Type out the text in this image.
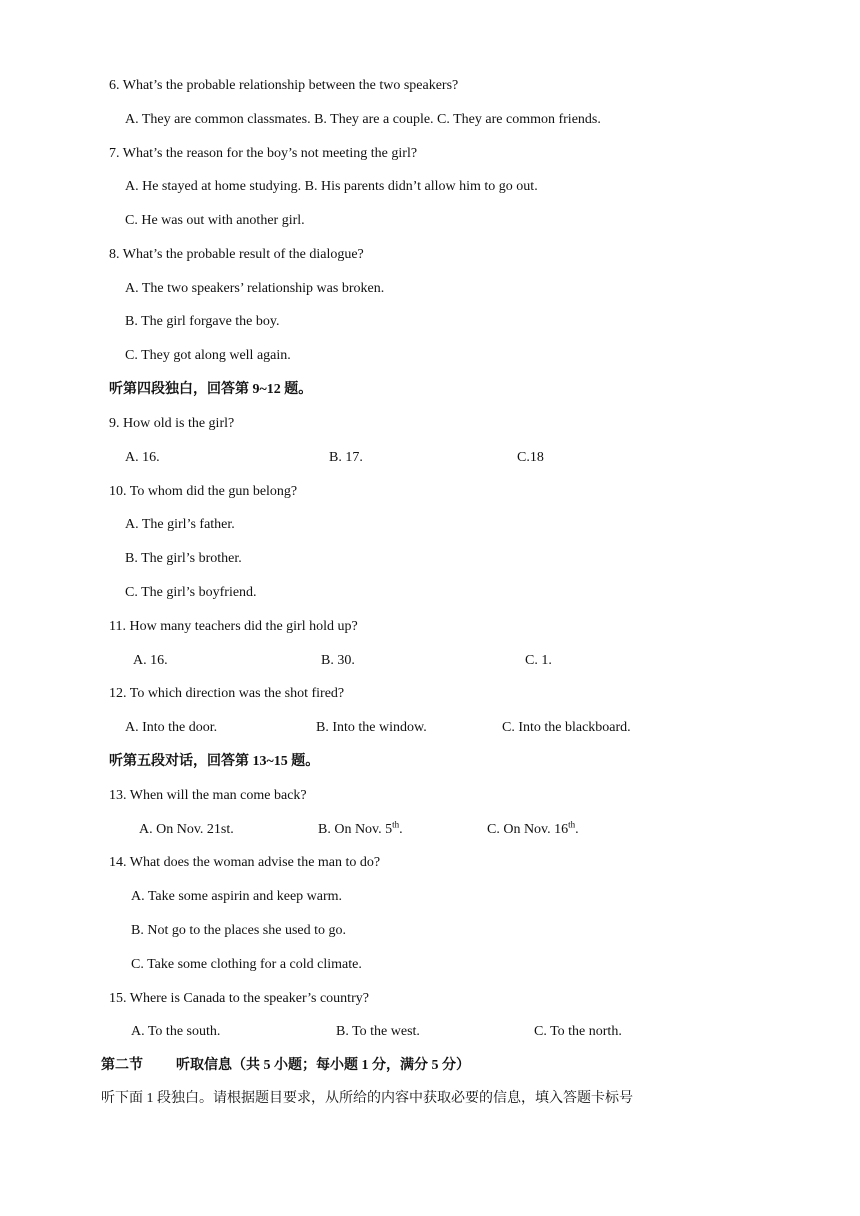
6. What’s the probable relationship between the two speakers?
A. They are common classmates. B. They are a couple. C. They are common friends.
7. What’s the reason for the boy’s not meeting the girl?
A. He stayed at home studying. B. His parents didn’t allow him to go out.
C. He was out with another girl.
8. What’s the probable result of the dialogue?
A. The two speakers’ relationship was broken.
B. The girl forgave the boy.
C. They got along well again.
听第四段独白，回答第 9~12 题。
9. How old is the girl?
A. 16.	B. 17.	C.18
10. To whom did the gun belong?
A. The girl’s father.
B. The girl’s brother.
C. The girl’s boyfriend.
11. How many teachers did the girl hold up?
A. 16.	B. 30.	C. 1.
12. To which direction was the shot fired?
A. Into the door.	B. Into the window.	C. Into the blackboard.
听第五段对话，回答第 13~15 题。
13. When will the man come back?
A. On Nov. 21st.	B. On Nov. 5th.	C. On Nov. 16th.
14. What does the woman advise the man to do?
A. Take some aspirin and keep warm.
B. Not go to the places she used to go.
C. Take some clothing for a cold climate.
15. Where is Canada to the speaker’s country?
A. To the south.	B. To the west.	C. To the north.
第二节 听取信息（共 5 小题；每小题 1 分，满分 5 分）
听下面 1 段独白。请根据题目要求，从所给的内容中获取必要的信息，填入答题卡标号
